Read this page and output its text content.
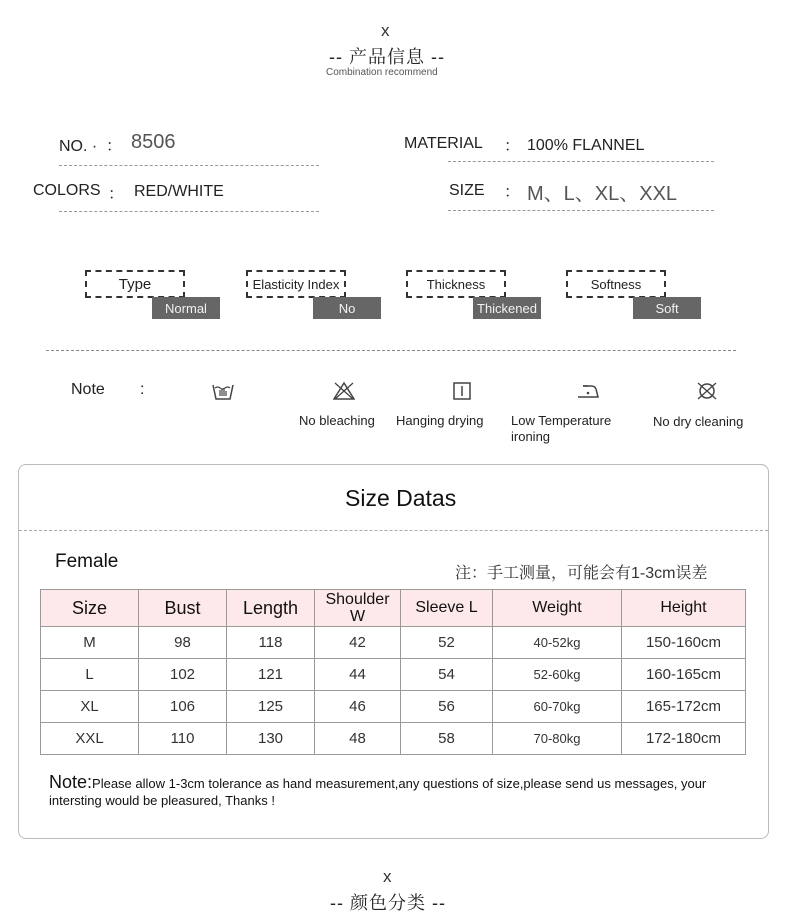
x
-- 产品信息 --
Combination recommend
NO. · ： 8506	MATERIAL ： 100% FLANNEL
COLORS ： RED/WHITE	SIZE ： M、L、XL、XXL
Type
Normal
Elasticity Index
No
Thickness
Thickened
Softness
Soft
Note :
No bleaching Hanging drying Low Temperature ironing
No dry cleaning
Size Datas
Female
注：手工测量，可能会有1-3cm误差
Size	Bust	Length	Shoulder W	Sleeve L	Weight	Height
M	98	118	42	52	40-52kg	150-160cm
L	102	121	44	54	52-60kg	160-165cm
XL	106	125	46	56	60-70kg	165-172cm
XXL	110	130	48	58	70-80kg	172-180cm
Note:Please allow 1-3cm tolerance as hand measurement,any questions of size,please send us messages, your intersting would be pleasured, Thanks !
x
-- 颜色分类 --
